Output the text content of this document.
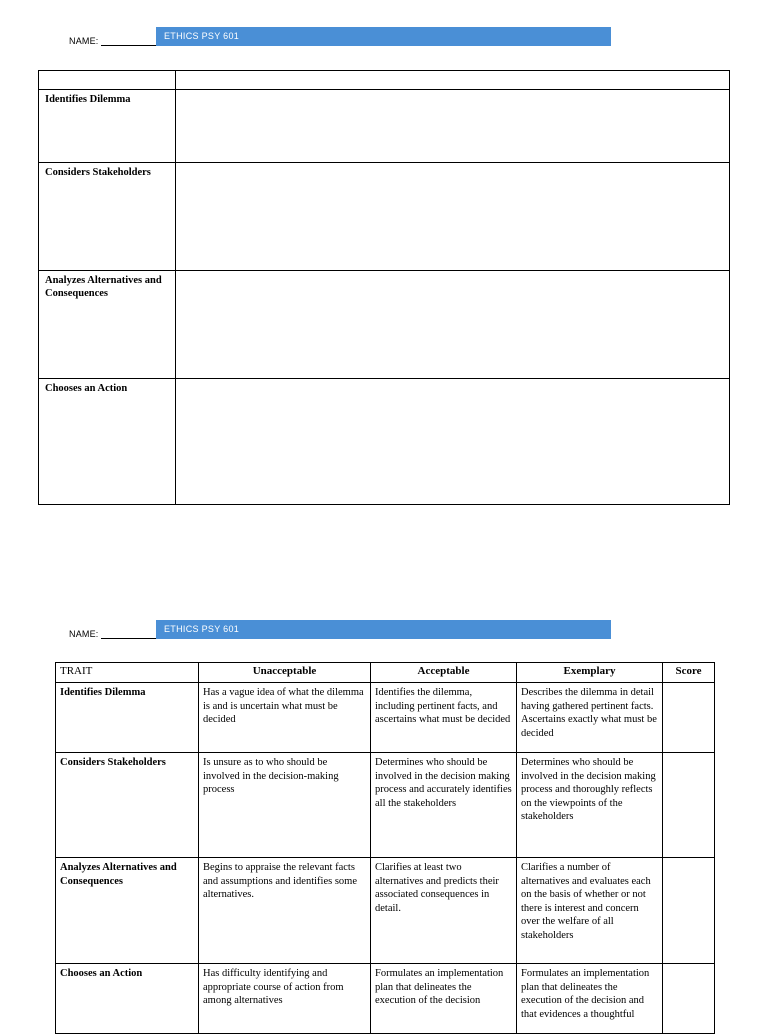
NAME:	ETHICS PSY 601

Identifies Dilemma	
Considers Stakeholders	
Analyzes Alternatives and Consequences	
Chooses an Action	
NAME:	ETHICS PSY 601
TRAIT	Unacceptable	Acceptable	Exemplary	Score
Identifies Dilemma	Has a vague idea of what the dilemma is and is uncertain what must be decided	Identifies the dilemma, including pertinent facts, and ascertains what must be decided	Describes the dilemma in detail having gathered pertinent facts. Ascertains exactly what must be decided	
Considers Stakeholders	Is unsure as to who should be involved in the decision-making process	Determines who should be involved in the decision making process and accurately identifies all the stakeholders	Determines who should be involved in the decision making process and thoroughly reflects on the viewpoints of the stakeholders	
Analyzes Alternatives and Consequences	Begins to appraise the relevant facts and assumptions and identifies some alternatives.	Clarifies at least two alternatives and predicts their associated consequences in detail.	Clarifies a number of alternatives and evaluates each on the basis of whether or not there is interest and concern over the welfare of all stakeholders	
Chooses an Action	Has difficulty identifying and appropriate course of action from among alternatives	Formulates an implementation plan that delineates the execution of the decision	Formulates an implementation plan that delineates the execution of the decision and that evidences a thoughtful	
